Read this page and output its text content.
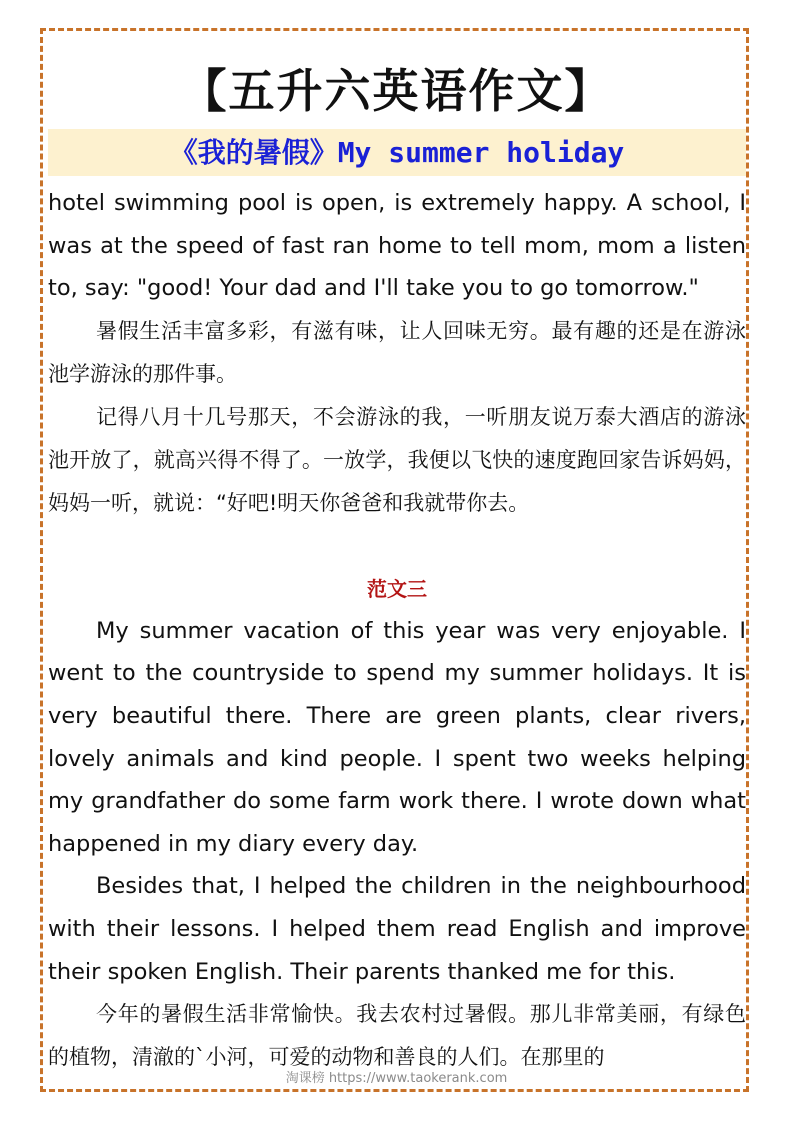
【五升六英语作文】
《我的暑假》My summer holiday

hotel swimming pool is open, is extremely happy. A school, I was at the speed of fast ran home to tell mom, mom a listen to, say: "good! Your dad and I'll take you to go tomorrow."

暑假生活丰富多彩，有滋有味，让人回味无穷。最有趣的还是在游泳池学游泳的那件事。

记得八月十几号那天，不会游泳的我，一听朋友说万泰大酒店的游泳池开放了，就高兴得不得了。一放学，我便以飞快的速度跑回家告诉妈妈，妈妈一听，就说：“好吧!明天你爸爸和我就带你去。

范文三

My summer vacation of this year was very enjoyable. I went to the countryside to spend my summer holidays. It is very beautiful there. There are green plants, clear rivers, lovely animals and kind people. I spent two weeks helping my grandfather do some farm work there. I wrote down what happened in my diary every day.

Besides that, I helped the children in the neighbourhood with their lessons. I helped them read English and improve their spoken English. Their parents thanked me for this.

今年的暑假生活非常愉快。我去农村过暑假。那儿非常美丽，有绿色的植物，清澈的`小河，可爱的动物和善良的人们。在那里的

淘课榜 https://www.taokerank.com
